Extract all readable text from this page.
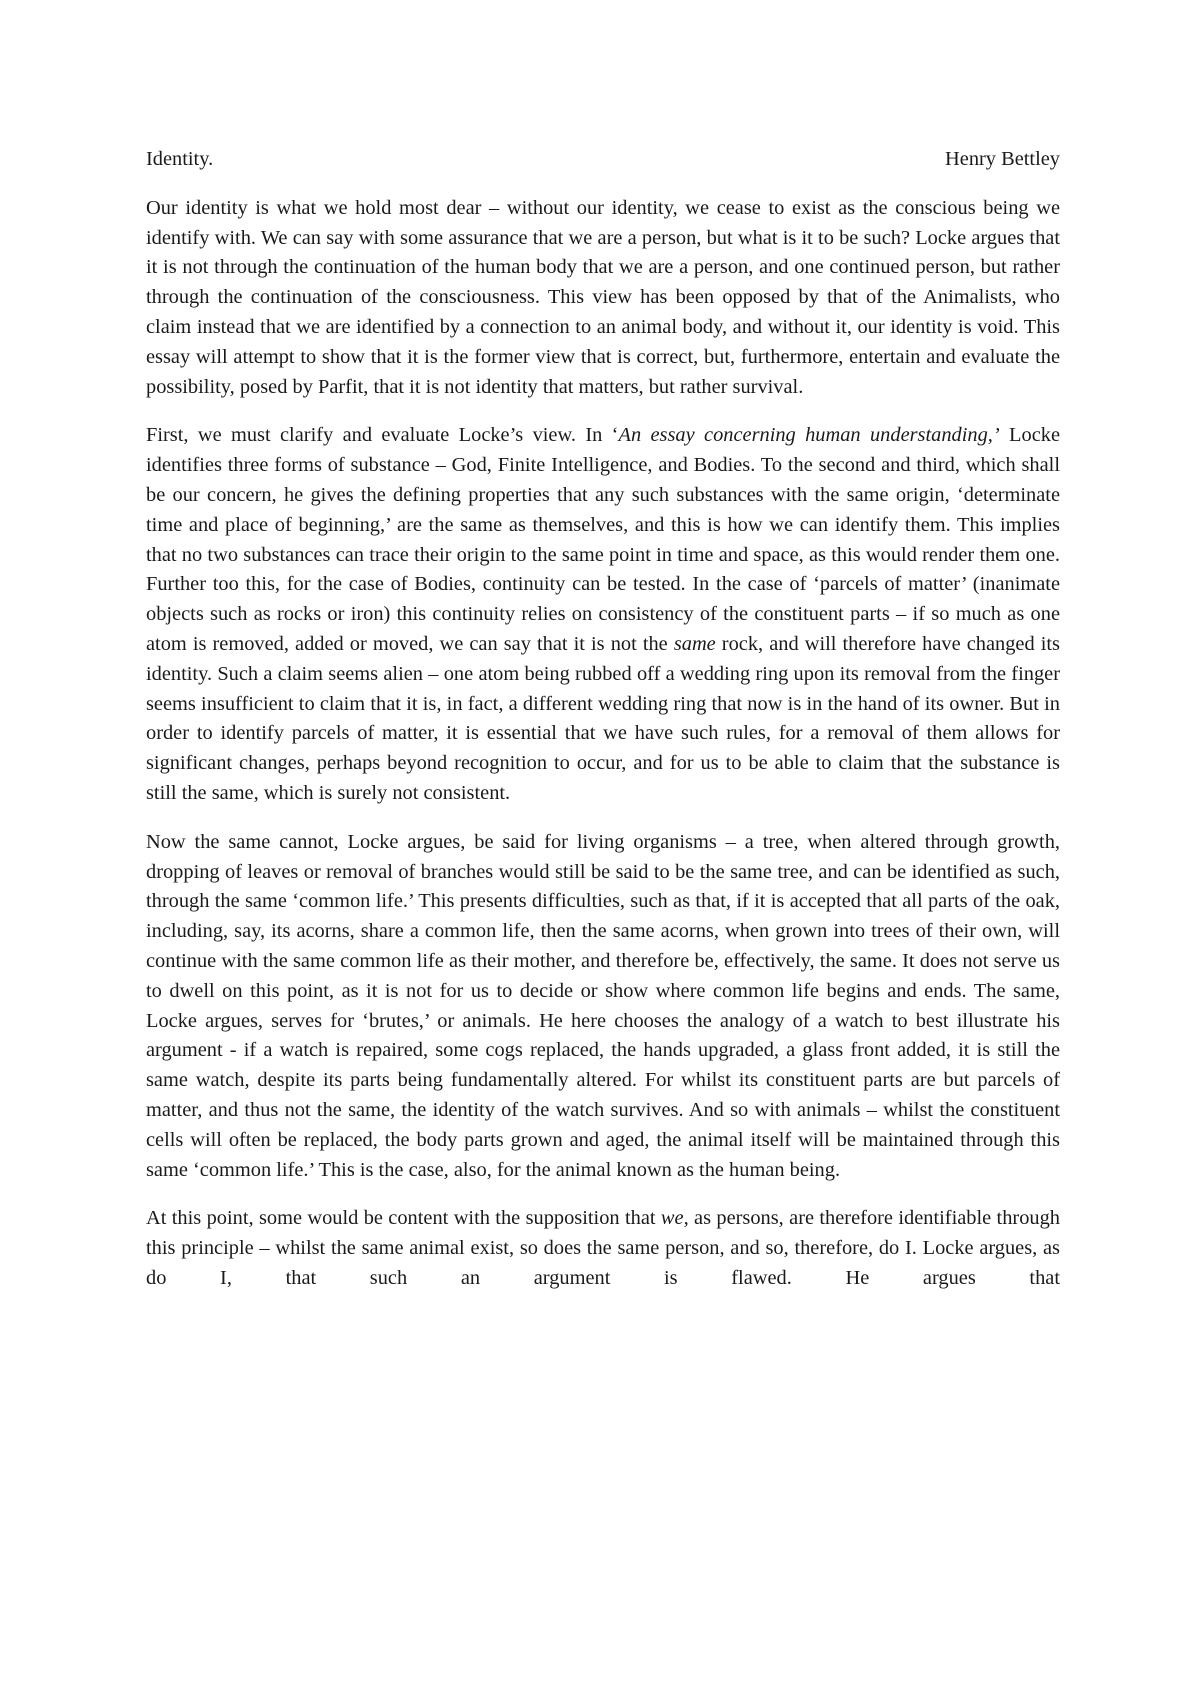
Identity.	Henry Bettley

Our identity is what we hold most dear – without our identity, we cease to exist as the conscious being we identify with. We can say with some assurance that we are a person, but what is it to be such? Locke argues that it is not through the continuation of the human body that we are a person, and one continued person, but rather through the continuation of the consciousness. This view has been opposed by that of the Animalists, who claim instead that we are identified by a connection to an animal body, and without it, our identity is void. This essay will attempt to show that it is the former view that is correct, but, furthermore, entertain and evaluate the possibility, posed by Parfit, that it is not identity that matters, but rather survival.

First, we must clarify and evaluate Locke’s view. In ‘An essay concerning human understanding,’ Locke identifies three forms of substance – God, Finite Intelligence, and Bodies. To the second and third, which shall be our concern, he gives the defining properties that any such substances with the same origin, ‘determinate time and place of beginning,’ are the same as themselves, and this is how we can identify them. This implies that no two substances can trace their origin to the same point in time and space, as this would render them one. Further too this, for the case of Bodies, continuity can be tested. In the case of ‘parcels of matter’ (inanimate objects such as rocks or iron) this continuity relies on consistency of the constituent parts – if so much as one atom is removed, added or moved, we can say that it is not the same rock, and will therefore have changed its identity. Such a claim seems alien – one atom being rubbed off a wedding ring upon its removal from the finger seems insufficient to claim that it is, in fact, a different wedding ring that now is in the hand of its owner. But in order to identify parcels of matter, it is essential that we have such rules, for a removal of them allows for significant changes, perhaps beyond recognition to occur, and for us to be able to claim that the substance is still the same, which is surely not consistent.

Now the same cannot, Locke argues, be said for living organisms – a tree, when altered through growth, dropping of leaves or removal of branches would still be said to be the same tree, and can be identified as such, through the same ‘common life.’ This presents difficulties, such as that, if it is accepted that all parts of the oak, including, say, its acorns, share a common life, then the same acorns, when grown into trees of their own, will continue with the same common life as their mother, and therefore be, effectively, the same. It does not serve us to dwell on this point, as it is not for us to decide or show where common life begins and ends. The same, Locke argues, serves for ‘brutes,’ or animals. He here chooses the analogy of a watch to best illustrate his argument - if a watch is repaired, some cogs replaced, the hands upgraded, a glass front added, it is still the same watch, despite its parts being fundamentally altered. For whilst its constituent parts are but parcels of matter, and thus not the same, the identity of the watch survives. And so with animals – whilst the constituent cells will often be replaced, the body parts grown and aged, the animal itself will be maintained through this same ‘common life.’ This is the case, also, for the animal known as the human being.

At this point, some would be content with the supposition that we, as persons, are therefore identifiable through this principle – whilst the same animal exist, so does the same person, and so, therefore, do I. Locke argues, as do I, that such an argument is flawed. He argues that
